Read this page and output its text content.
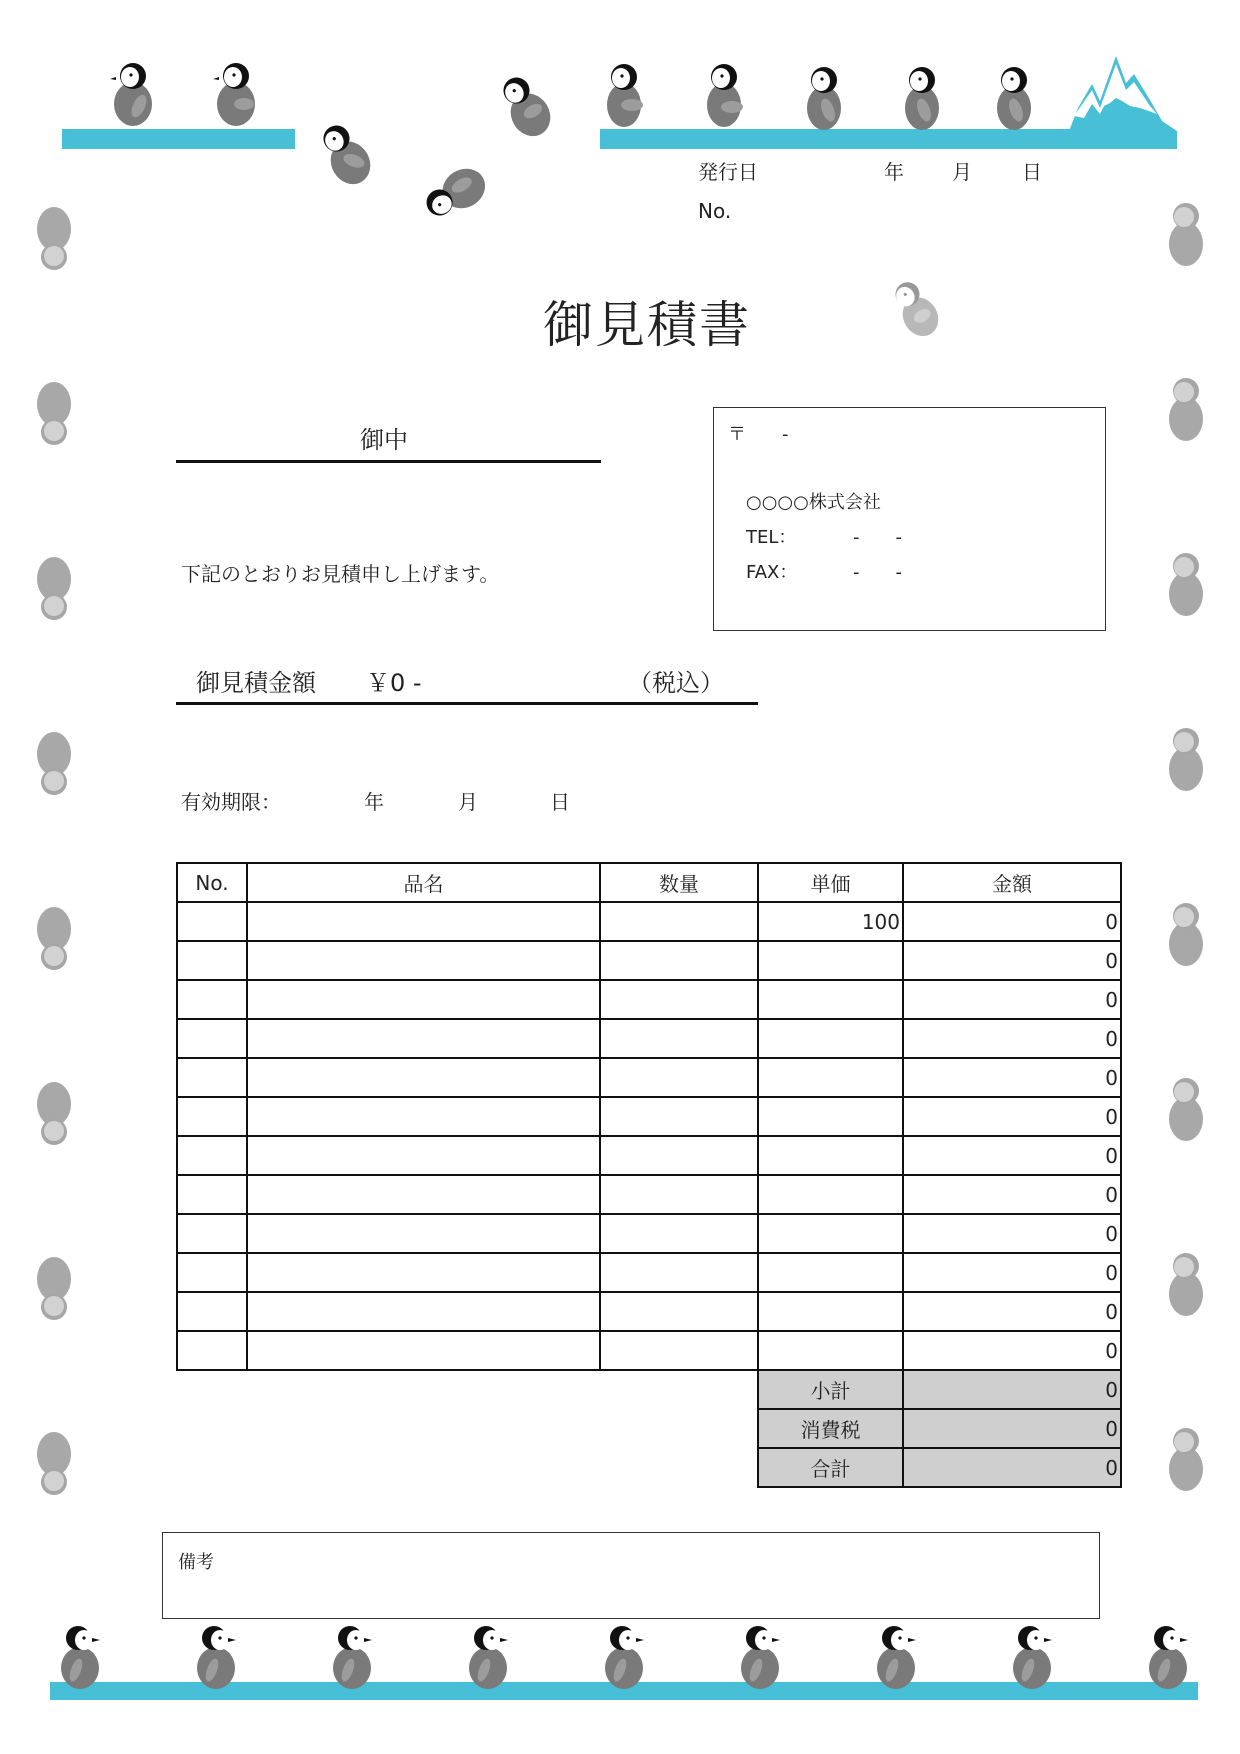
発行日	年 月	日
No.
御見積書
御中
下記のとおりお見積申し上げます。
〒　　-
○○○○株式会社
TEL：	-　　-
FAX：	-　　-
御見積金額 ￥0 -	（税込）
有効期限：	年	月	日
No.	品名	数量	単価	金額
			100	0
				0
				0
				0
				0
				0
				0
				0
				0
				0
				0
				0
			小計	0
			消費税	0
			合計	0
備考
